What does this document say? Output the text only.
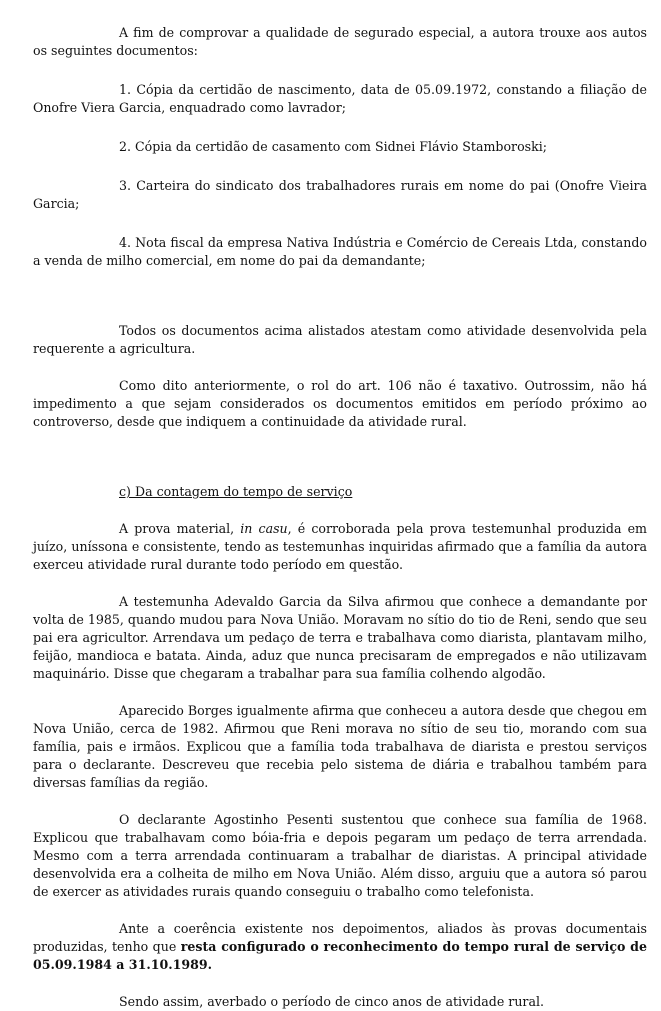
A fim de comprovar a qualidade de segurado especial, a autora trouxe aos autos os seguintes documentos:

1. Cópia da certidão de nascimento, data de 05.09.1972, constando a filiação de Onofre Viera Garcia, enquadrado como lavrador;

2. Cópia da certidão de casamento com Sidnei Flávio Stamboroski;

3. Carteira do sindicato dos trabalhadores rurais em nome do pai (Onofre Vieira Garcia;

4. Nota fiscal da empresa Nativa Indústria e Comércio de Cereais Ltda, constando a venda de milho comercial, em nome do pai da demandante;

Todos os documentos acima alistados atestam como atividade desenvolvida pela requerente a agricultura.

Como dito anteriormente, o rol do art. 106 não é taxativo. Outrossim, não há impedimento a que sejam considerados os documentos emitidos em período próximo ao controverso, desde que indiquem a continuidade da atividade rural.

c) Da contagem do tempo de serviço

A prova material, in casu, é corroborada pela prova testemunhal produzida em juízo, uníssona e consistente, tendo as testemunhas inquiridas afirmado que a família da autora exerceu atividade rural durante todo período em questão.

A testemunha Adevaldo Garcia da Silva afirmou que conhece a demandante por volta de 1985, quando mudou para Nova União. Moravam no sítio do tio de Reni, sendo que seu pai era agricultor. Arrendava um pedaço de terra e trabalhava como diarista, plantavam milho, feijão, mandioca e batata. Ainda, aduz que nunca precisaram de empregados e não utilizavam maquinário. Disse que chegaram a trabalhar para sua família colhendo algodão.

Aparecido Borges igualmente afirma que conheceu a autora desde que chegou em Nova União, cerca de 1982. Afirmou que Reni morava no sítio de seu tio, morando com sua família, pais e irmãos. Explicou que a família toda trabalhava de diarista e prestou serviços para o declarante. Descreveu que recebia pelo sistema de diária e trabalhou também para diversas famílias da região.

O declarante Agostinho Pesenti sustentou que conhece sua família de 1968. Explicou que trabalhavam como bóia-fria e depois pegaram um pedaço de terra arrendada. Mesmo com a terra arrendada continuaram a trabalhar de diaristas. A principal atividade desenvolvida era a colheita de milho em Nova União. Além disso, arguiu que a autora só parou de exercer as atividades rurais quando conseguiu o trabalho como telefonista.

Ante a coerência existente nos depoimentos, aliados às provas documentais produzidas, tenho que resta configurado o reconhecimento do tempo rural de serviço de 05.09.1984 a 31.10.1989.

Sendo assim, averbado o período de cinco anos de atividade rural.
